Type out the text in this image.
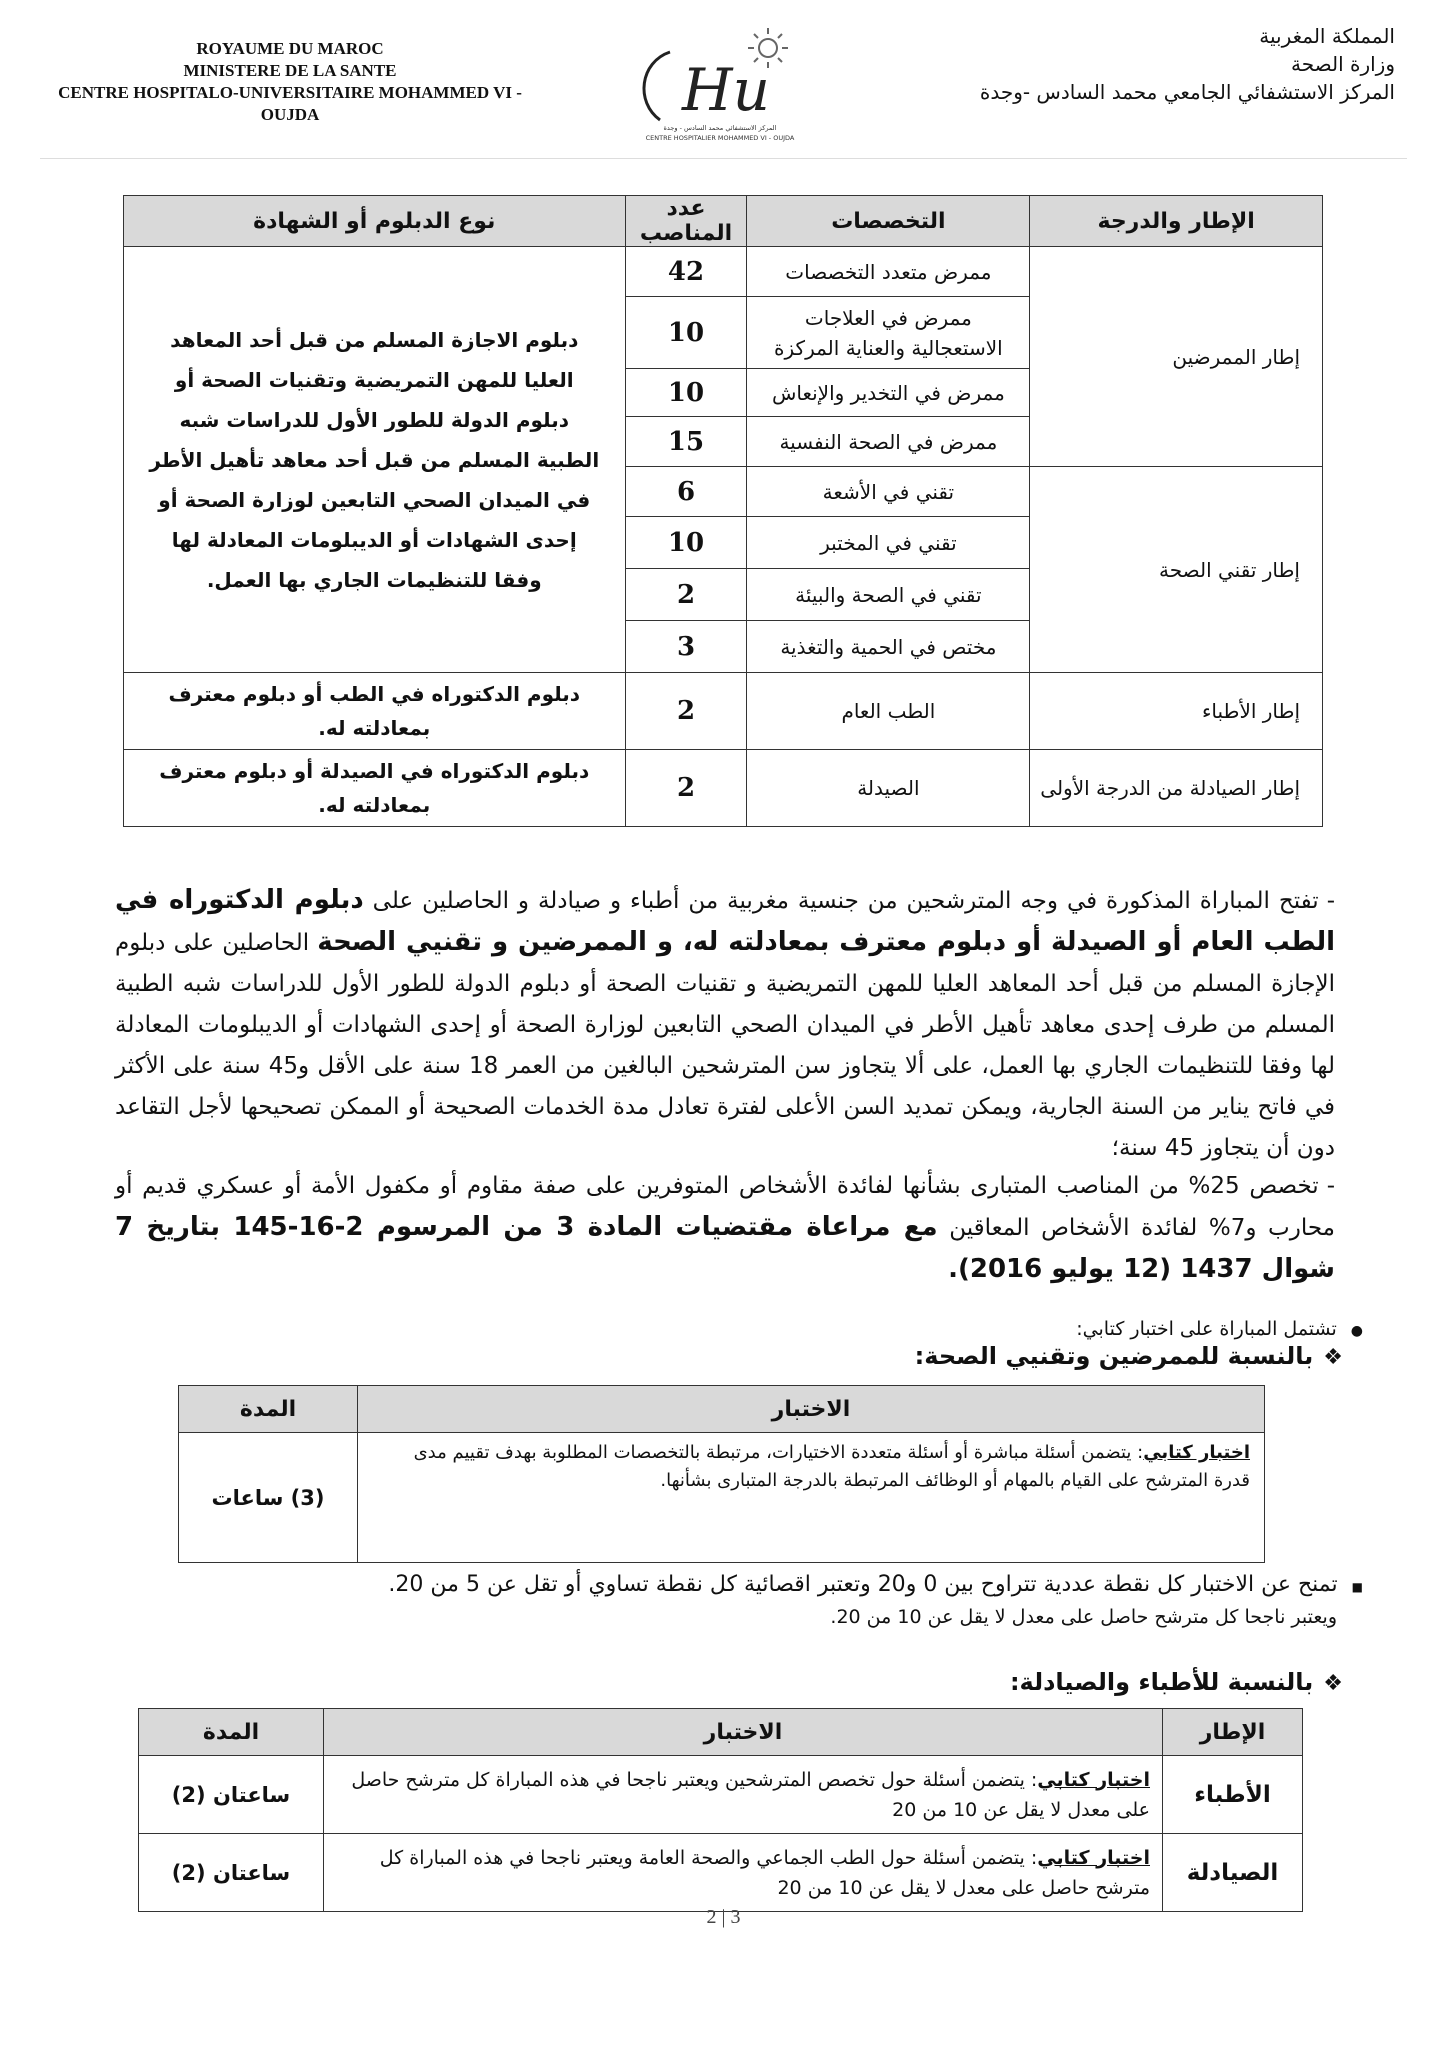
ROYAUME DU MAROC
MINISTERE DE LA SANTE
CENTRE HOSPITALO-UNIVERSITAIRE MOHAMMED VI -
OUJDA	Hu
المركز الاستشفائي محمد السادس - وجدة
CENTRE HOSPITALIER MOHAMMED VI - OUJDA
المملكة المغربية
وزارة الصحة
المركز الاستشفائي الجامعي محمد السادس -وجدة
الإطار والدرجة	التخصصات	عدد المناصب	نوع الدبلوم أو الشهادة
إطار الممرضين	ممرض متعدد التخصصات	42	دبلوم الاجازة المسلم من قبل أحد المعاهد العليا للمهن التمريضية وتقنيات الصحة أو دبلوم الدولة للطور الأول للدراسات شبه الطبية المسلم من قبل أحد معاهد تأهيل الأطر في الميدان الصحي التابعين لوزارة الصحة أو إحدى الشهادات أو الديبلومات المعادلة لها وفقا للتنظيمات الجاري بها العمل.
	ممرض في العلاجات الاستعجالية والعناية المركزة	10	
	ممرض في التخدير والإنعاش	10	
	ممرض في الصحة النفسية	15	
إطار تقني الصحة	تقني في الأشعة	6	
	تقني في المختبر	10	
	تقني في الصحة والبيئة	2	
	مختص في الحمية والتغذية	3	
إطار الأطباء	الطب العام	2	دبلوم الدكتوراه في الطب أو دبلوم معترف بمعادلته له.
إطار الصيادلة من الدرجة الأولى	الصيدلة	2	دبلوم الدكتوراه في الصيدلة أو دبلوم معترف بمعادلته له.
-تفتح المباراة المذكورة في وجه المترشحين من جنسية مغربية من أطباء و صيادلة و الحاصلين على دبلوم الدكتوراه في الطب العام أو الصيدلة أو دبلوم معترف بمعادلته له، و الممرضين و تقنيي الصحة الحاصلين على دبلوم الإجازة المسلم من قبل أحد المعاهد العليا للمهن التمريضية و تقنيات الصحة أو دبلوم الدولة للطور الأول للدراسات شبه الطبية المسلم من طرف إحدى معاهد تأهيل الأطر في الميدان الصحي التابعين لوزارة الصحة أو إحدى الشهادات أو الديبلومات المعادلة لها وفقا للتنظيمات الجاري بها العمل، على ألا يتجاوز سن المترشحين البالغين من العمر 18 سنة على الأقل و45 سنة على الأكثر في فاتح يناير من السنة الجارية، ويمكن تمديد السن الأعلى لفترة تعادل مدة الخدمات الصحيحة أو الممكن تصحيحها لأجل التقاعد دون أن يتجاوز 45 سنة؛
-تخصص 25% من المناصب المتبارى بشأنها لفائدة الأشخاص المتوفرين على صفة مقاوم أو مكفول الأمة أو عسكري قديم أو محارب و7% لفائدة الأشخاص المعاقين مع مراعاة مقتضيات المادة 3 من المرسوم 2-16-145 بتاريخ 7 شوال 1437 (12 يوليو 2016).
●تشتمل المباراة على اختبار كتابي:
❖بالنسبة للممرضين وتقنيي الصحة:
الاختبار	المدة
اختبار كتابي: يتضمن أسئلة مباشرة أو أسئلة متعددة الاختيارات، مرتبطة بالتخصصات المطلوبة بهدف تقييم مدى قدرة المترشح على القيام بالمهام أو الوظائف المرتبطة بالدرجة المتبارى بشأنها.	(3) ساعات
■تمنح عن الاختبار كل نقطة عددية تتراوح بين 0 و20 وتعتبر اقصائية كل نقطة تساوي أو تقل عن 5 من 20.
ويعتبر ناجحا كل مترشح حاصل على معدل لا يقل عن 10 من 20.
❖بالنسبة للأطباء والصيادلة:
الإطار	الاختبار	المدة
الأطباء	اختبار كتابي: يتضمن أسئلة حول تخصص المترشحين ويعتبر ناجحا في هذه المباراة كل مترشح حاصل على معدل لا يقل عن 10 من 20	ساعتان (2)
الصيادلة	اختبار كتابي: يتضمن أسئلة حول الطب الجماعي والصحة العامة ويعتبر ناجحا في هذه المباراة كل مترشح حاصل على معدل لا يقل عن 10 من 20	ساعتان (2)
2 | 3
